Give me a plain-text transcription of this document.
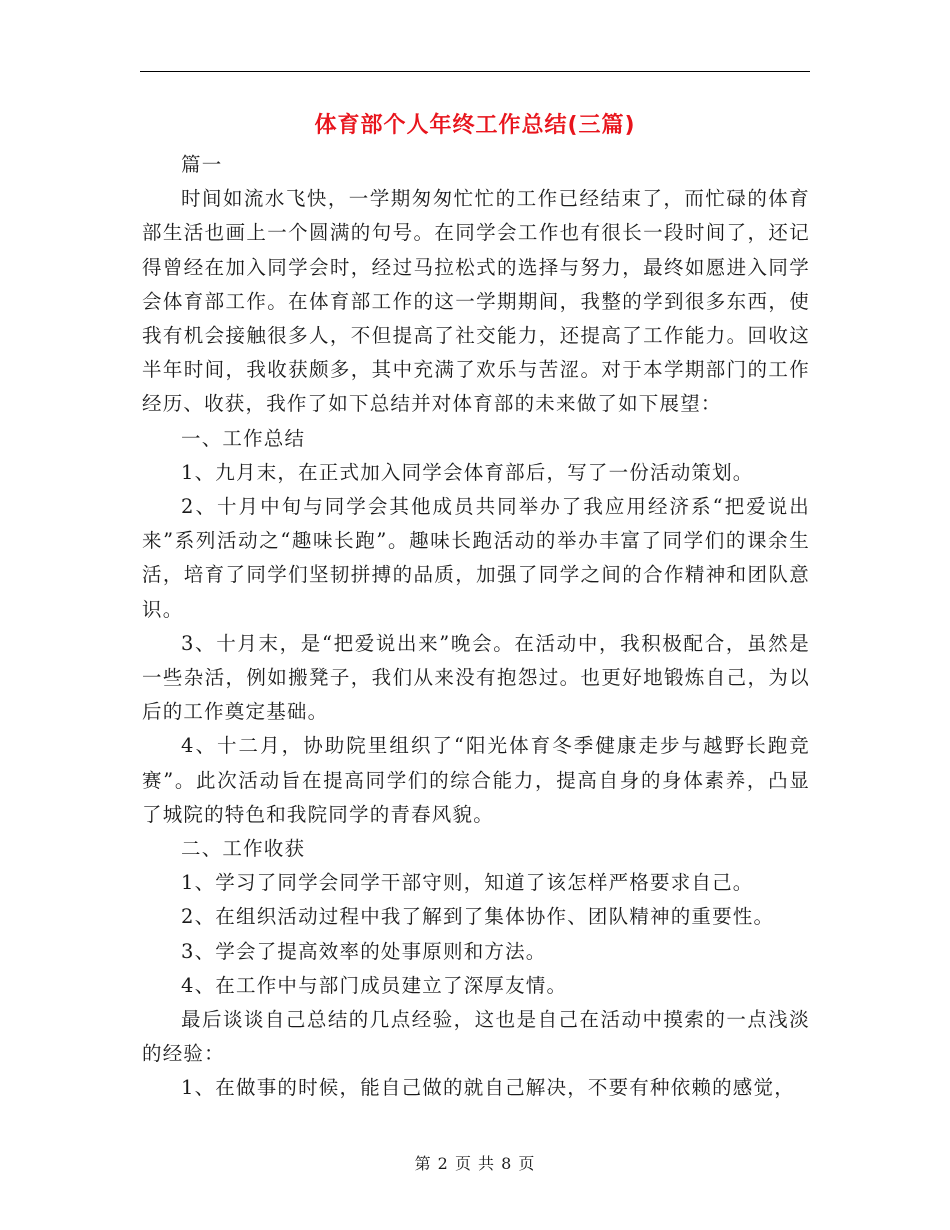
体育部个人年终工作总结(三篇)

篇一

时间如流水飞快，一学期匆匆忙忙的工作已经结束了，而忙碌的体育部生活也画上一个圆满的句号。在同学会工作也有很长一段时间了，还记得曾经在加入同学会时，经过马拉松式的选择与努力，最终如愿进入同学会体育部工作。在体育部工作的这一学期期间，我整的学到很多东西，使我有机会接触很多人，不但提高了社交能力，还提高了工作能力。回收这半年时间，我收获颇多，其中充满了欢乐与苦涩。对于本学期部门的工作经历、收获，我作了如下总结并对体育部的未来做了如下展望：

一、工作总结

1、九月末，在正式加入同学会体育部后，写了一份活动策划。

2、十月中旬与同学会其他成员共同举办了我应用经济系“把爱说出来”系列活动之“趣味长跑”。趣味长跑活动的举办丰富了同学们的课余生活，培育了同学们坚韧拼搏的品质，加强了同学之间的合作精神和团队意识。

3、十月末，是“把爱说出来”晚会。在活动中，我积极配合，虽然是一些杂活，例如搬凳子，我们从来没有抱怨过。也更好地锻炼自己，为以后的工作奠定基础。

4、十二月，协助院里组织了“阳光体育冬季健康走步与越野长跑竞赛”。此次活动旨在提高同学们的综合能力，提高自身的身体素养，凸显了城院的特色和我院同学的青春风貌。

二、工作收获

1、学习了同学会同学干部守则，知道了该怎样严格要求自己。

2、在组织活动过程中我了解到了集体协作、团队精神的重要性。

3、学会了提高效率的处事原则和方法。

4、在工作中与部门成员建立了深厚友情。

最后谈谈自己总结的几点经验，这也是自己在活动中摸索的一点浅淡的经验：

1、在做事的时候，能自己做的就自己解决，不要有种依赖的感觉，

第 2 页 共 8 页
